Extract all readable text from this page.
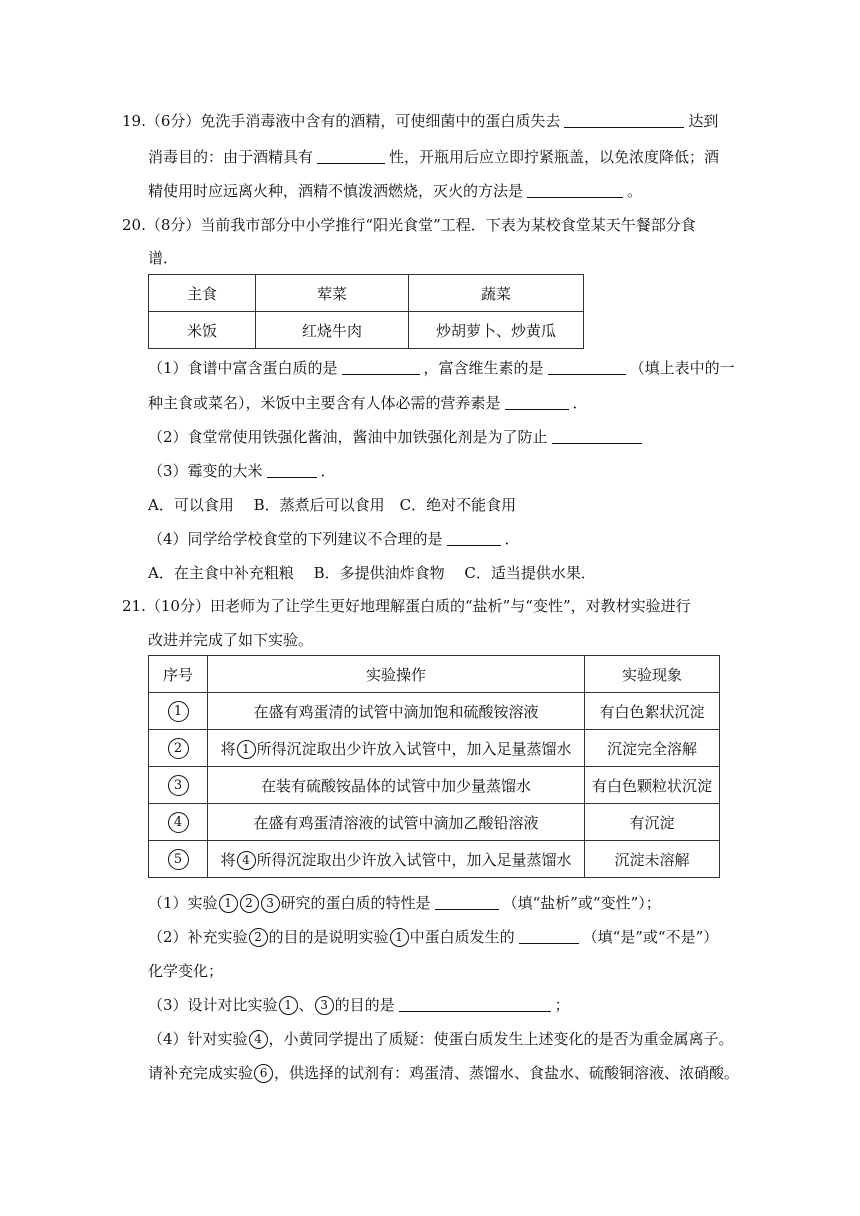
19.（6分）免洗手消毒液中含有的酒精，可使细菌中的蛋白质失去	达到
消毒目的：由于酒精具有	性，开瓶用后应立即拧紧瓶盖，以免浓度降低；酒
精使用时应远离火种，酒精不慎泼洒燃烧，灭火的方法是	。
20.（8分）当前我市部分中小学推行“阳光食堂”工程．下表为某校食堂某天午餐部分食
谱．
主食	荤菜	蔬菜
米饭	红烧牛肉	炒胡萝卜、炒黄瓜
（1）食谱中富含蛋白质的是	，富含维生素的是	（填上表中的一
种主食或菜名），米饭中主要含有人体必需的营养素是	．
（2）食堂常使用铁强化酱油，酱油中加铁强化剂是为了防止
（3）霉变的大米	．
A．可以食用　 B．蒸煮后可以食用　C．绝对不能食用
（4）同学给学校食堂的下列建议不合理的是	．
A．在主食中补充粗粮　 B．多提供油炸食物　 C．适当提供水果．
21.（10分）田老师为了让学生更好地理解蛋白质的“盐析”与“变性”，对教材实验进行
改进并完成了如下实验。
序号	实验操作	实验现象
1	在盛有鸡蛋清的试管中滴加饱和硫酸铵溶液	有白色絮状沉淀
2	将 1 所得沉淀取出少许放入试管中，加入足量蒸馏水	沉淀完全溶解
3	在装有硫酸铵晶体的试管中加少量蒸馏水	有白色颗粒状沉淀
4	在盛有鸡蛋清溶液的试管中滴加乙酸铅溶液	有沉淀
5	将 4 所得沉淀取出少许放入试管中，加入足量蒸馏水	沉淀未溶解
（1）实验 1 2 3 研究的蛋白质的特性是	（填“盐析”或“变性”）；
（2）补充实验 2 的目的是说明实验 1 中蛋白质发生的	（填“是”或“不是”）
化学变化；
（3）设计对比实验 1 、 3 的目的是	；
（4）针对实验 4 ，小黄同学提出了质疑：使蛋白质发生上述变化的是否为重金属离子。
请补充完成实验 6 ，供选择的试剂有：鸡蛋清、蒸馏水、食盐水、硫酸铜溶液、浓硝酸。
